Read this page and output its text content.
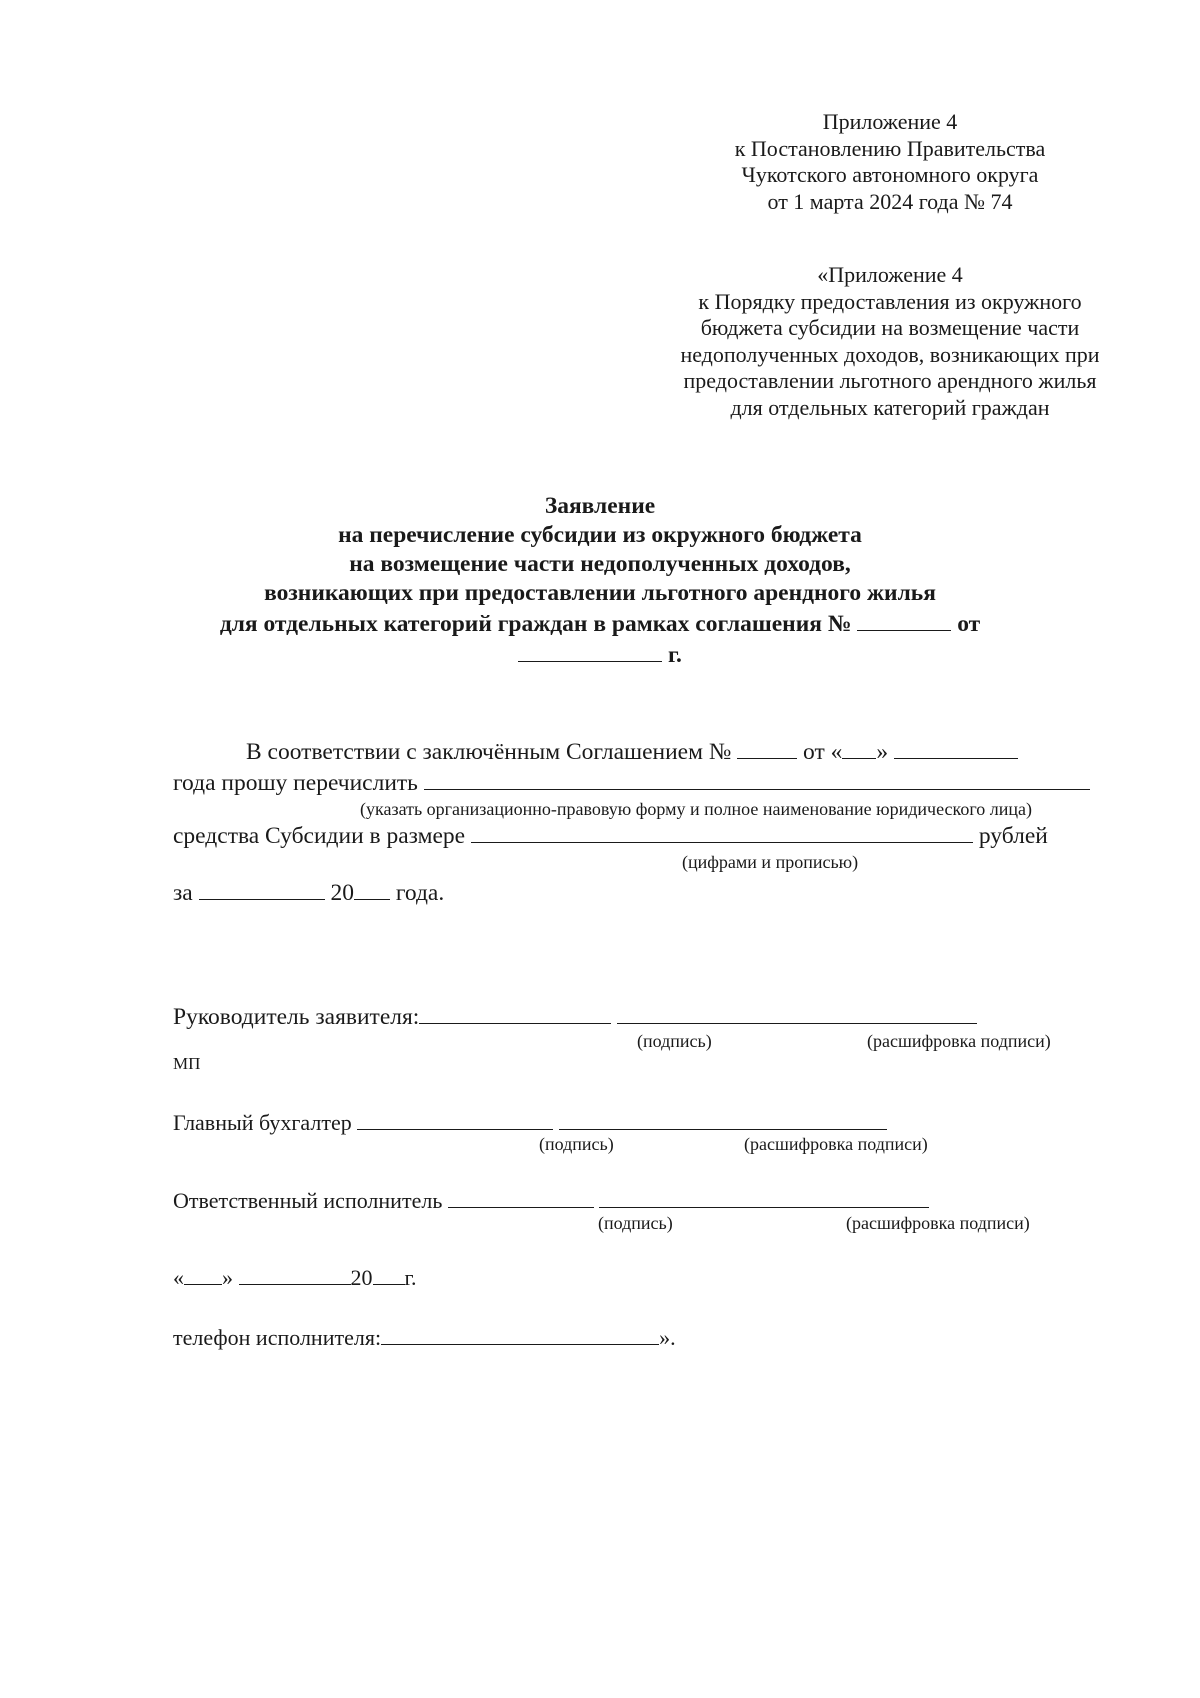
Приложение 4
к Постановлению Правительства
Чукотского автономного округа
от 1 марта 2024 года № 74
«Приложение 4
к Порядку предоставления из окружного
бюджета субсидии на возмещение части
недополученных доходов, возникающих при
предоставлении льготного арендного жилья
для отдельных категорий граждан
Заявление
на перечисление субсидии из окружного бюджета
на возмещение части недополученных доходов,
возникающих при предоставлении льготного арендного жилья
для отдельных категорий граждан в рамках соглашения №	от
г.
В соответствии с заключённым Соглашением №	от « »
года прошу перечислить
(указать организационно-правовую форму и полное наименование юридического лица)
средства Субсидии в размере	рублей
(цифрами и прописью)
за	20 года.
Руководитель заявителя:
(подпись)	(расшифровка подписи)
МП
Главный бухгалтер
(подпись)	(расшифровка подписи)
Ответственный исполнитель
(подпись)	(расшифровка подписи)
« »	20 г.
телефон исполнителя:	».
